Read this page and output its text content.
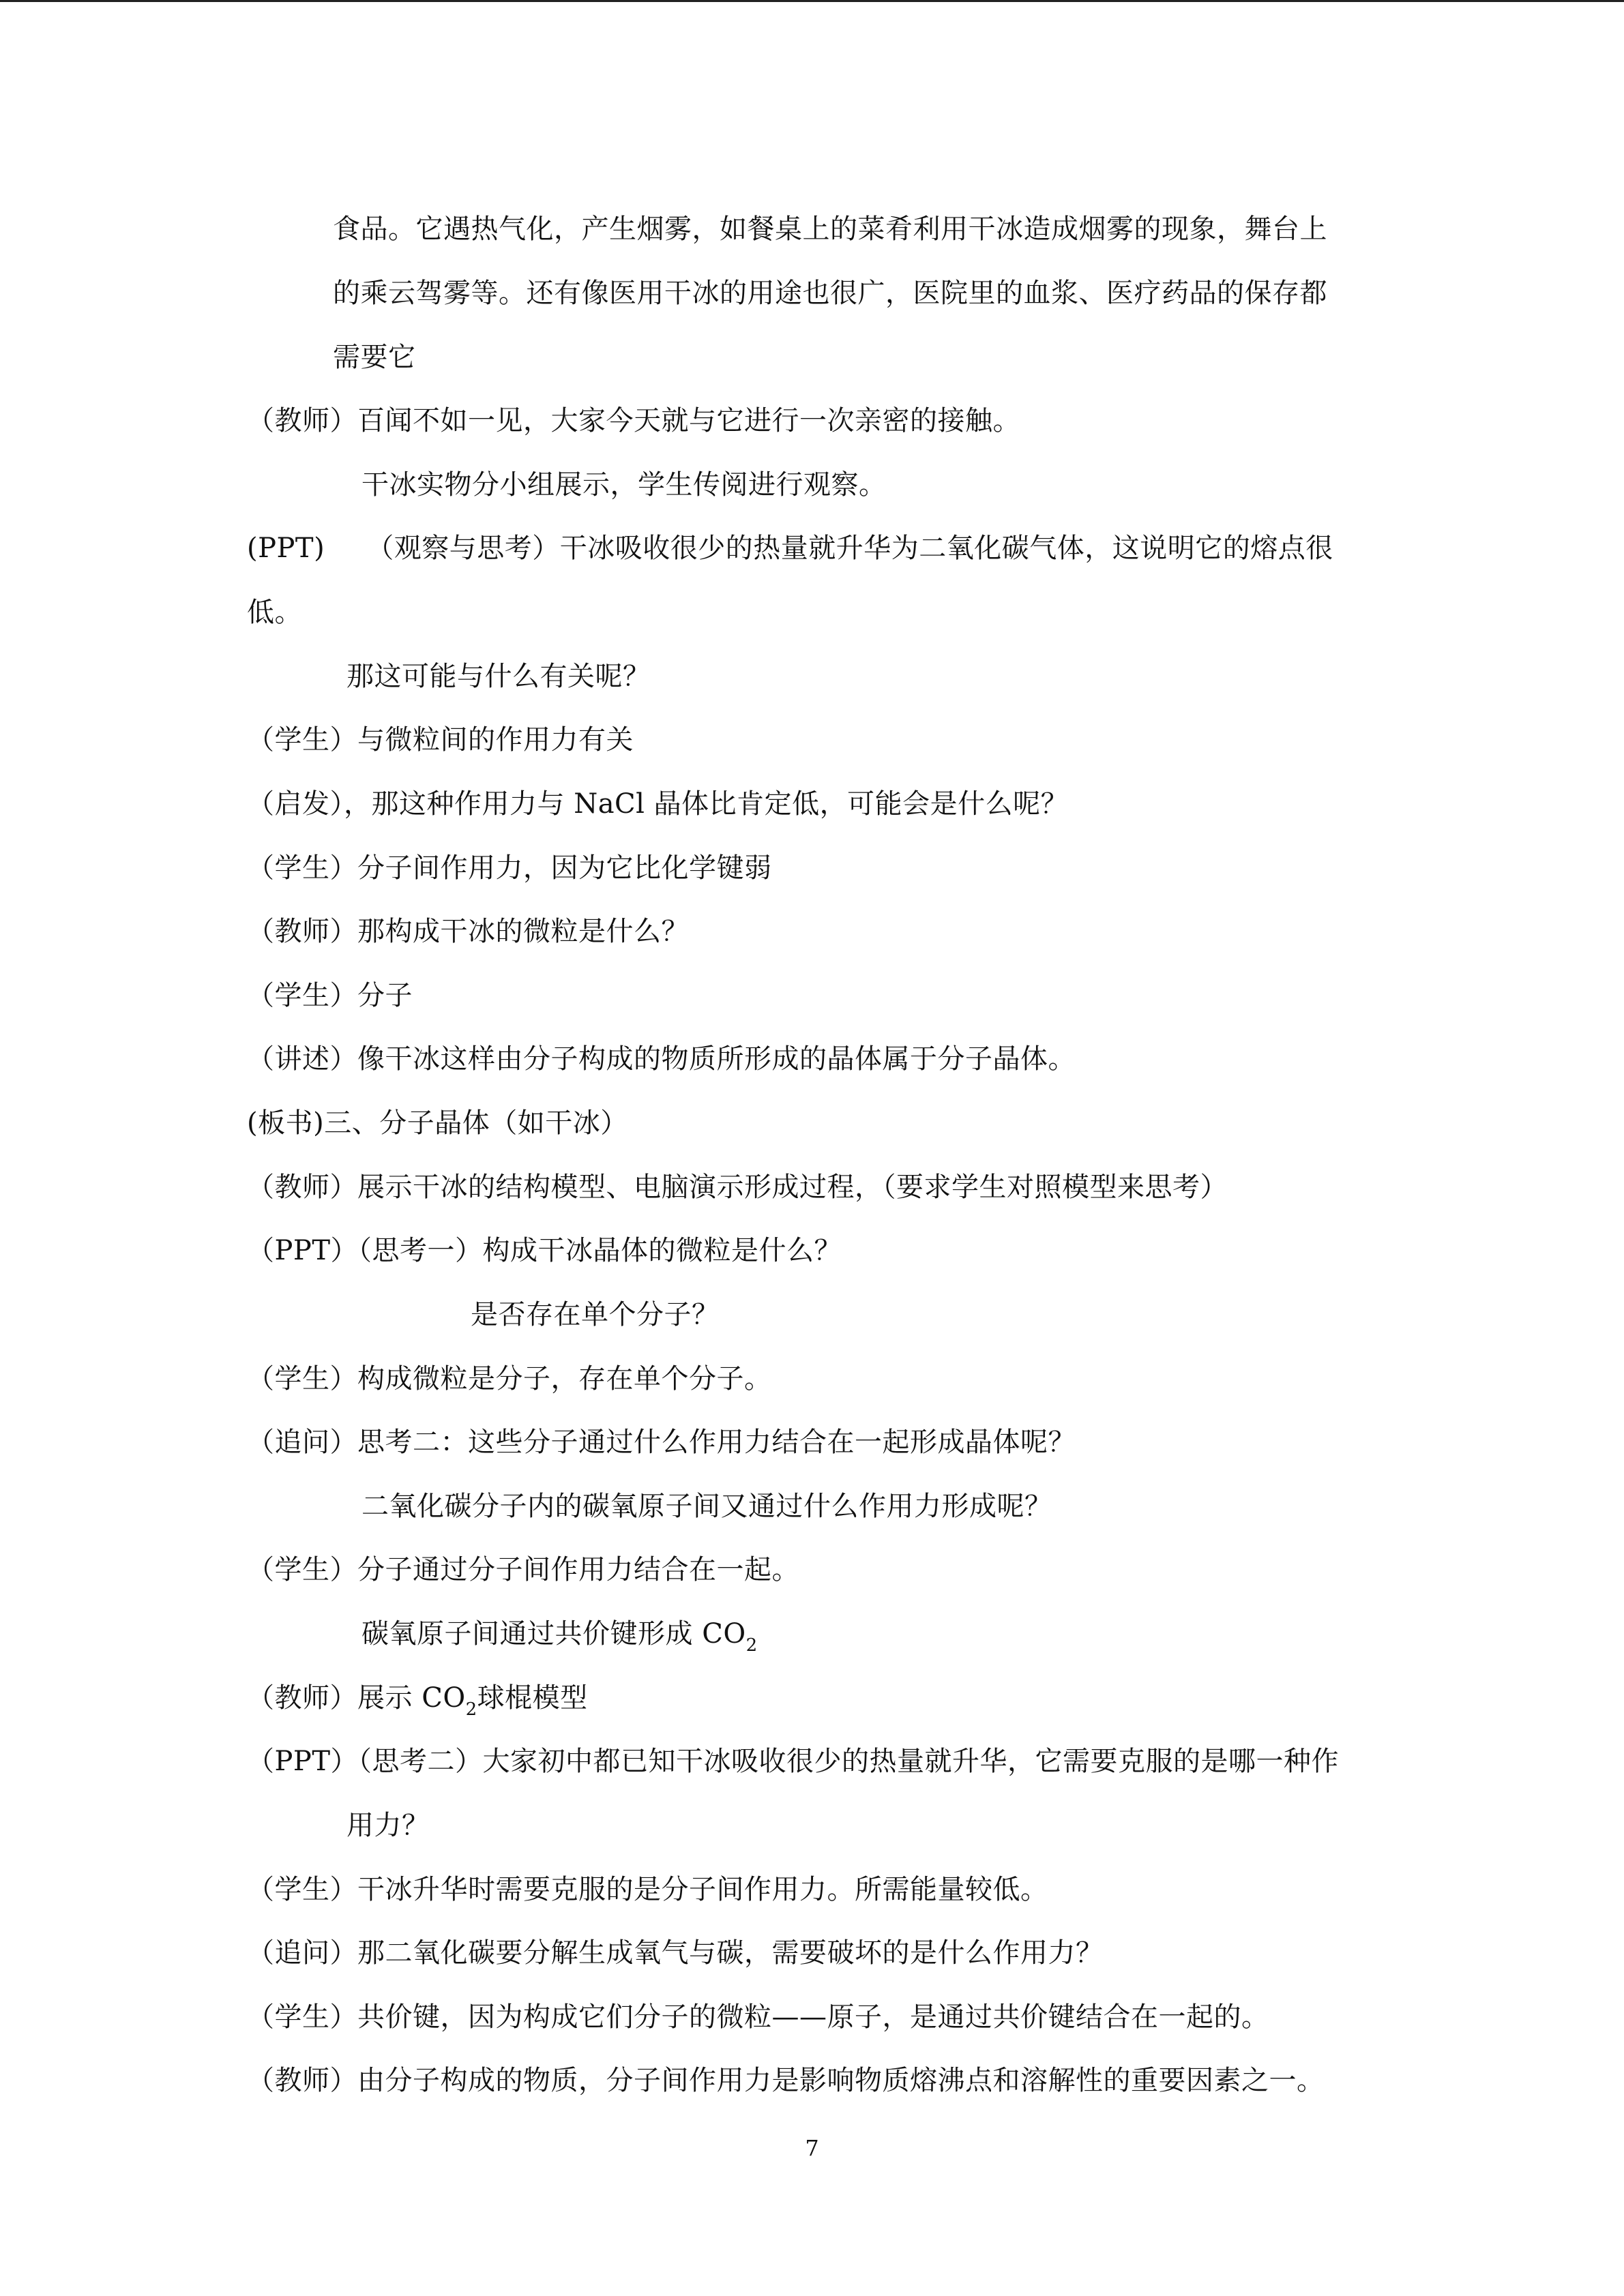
食品。它遇热气化，产生烟雾，如餐桌上的菜肴利用干冰造成烟雾的现象，舞台上
的乘云驾雾等。还有像医用干冰的用途也很广，医院里的血浆、医疗药品的保存都
需要它
（教师）百闻不如一见，大家今天就与它进行一次亲密的接触。
干冰实物分小组展示，学生传阅进行观察。
(PPT)　　（观察与思考）干冰吸收很少的热量就升华为二氧化碳气体，这说明它的熔点很
低。
那这可能与什么有关呢？
（学生）与微粒间的作用力有关
（启发），那这种作用力与 NaCl 晶体比肯定低，可能会是什么呢？
（学生）分子间作用力，因为它比化学键弱
（教师）那构成干冰的微粒是什么？
（学生）分子
（讲述）像干冰这样由分子构成的物质所形成的晶体属于分子晶体。
(板书)三、分子晶体（如干冰）
（教师）展示干冰的结构模型、电脑演示形成过程，（要求学生对照模型来思考）
（PPT）（思考一）构成干冰晶体的微粒是什么？
是否存在单个分子？
（学生）构成微粒是分子，存在单个分子。
（追问）思考二：这些分子通过什么作用力结合在一起形成晶体呢？
二氧化碳分子内的碳氧原子间又通过什么作用力形成呢？
（学生）分子通过分子间作用力结合在一起。
碳氧原子间通过共价键形成 $CO_2$
（教师）展示 $CO_2$球棍模型
（PPT）（思考二）大家初中都已知干冰吸收很少的热量就升华，它需要克服的是哪一种作
用力？
（学生）干冰升华时需要克服的是分子间作用力。所需能量较低。
（追问）那二氧化碳要分解生成氧气与碳，需要破坏的是什么作用力？
（学生）共价键，因为构成它们分子的微粒——原子，是通过共价键结合在一起的。
（教师）由分子构成的物质，分子间作用力是影响物质熔沸点和溶解性的重要因素之一。
7
